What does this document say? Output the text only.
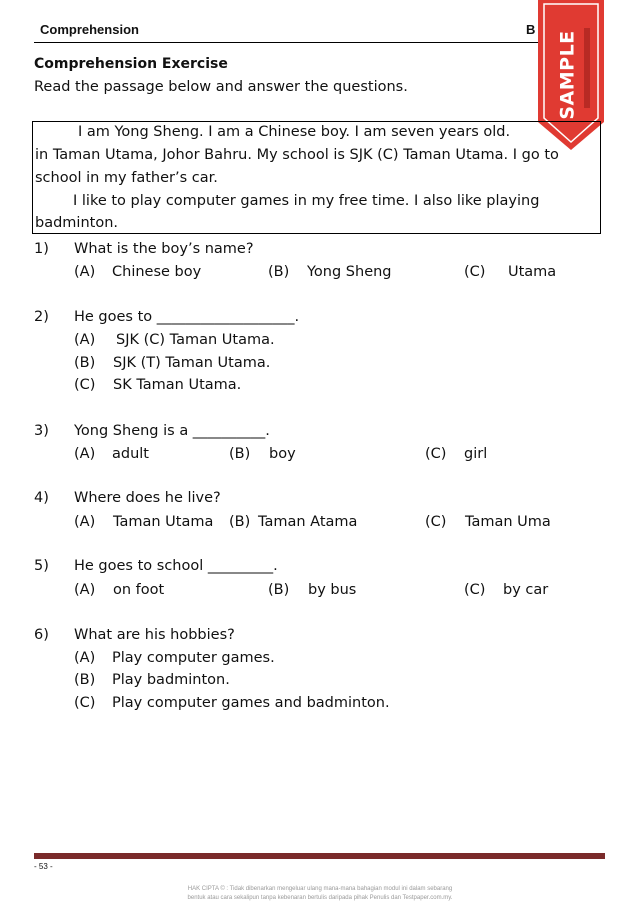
Comprehension	B
SAMPLE
Comprehension Exercise
Read the passage below and answer the questions.
I am Yong Sheng. I am a Chinese boy. I am seven years old.
in Taman Utama, Johor Bahru. My school is SJK (C) Taman Utama. I go to
school in my father’s car.
I like to play computer games in my free time. I also like playing
badminton.
1) What is the boy’s name?
(A) Chinese boy	(B) Yong Sheng	(C) Utama
2) He goes to ___________________.
(A) SJK (C) Taman Utama.
(B) SJK (T) Taman Utama.
(C) SK Taman Utama.
3) Yong Sheng is a __________.
(A) adult	(B) boy	(C) girl
4) Where does he live?
(A) Taman Utama (B) Taman Atama	(C) Taman Uma
5) He goes to school _________.
(A) on foot	(B) by bus	(C) by car
6) What are his hobbies?
(A) Play computer games.
(B) Play badminton.
(C) Play computer games and badminton.
- 53 -
HAK CIPTA © : Tidak dibenarkan mengeluar ulang mana-mana bahagian modul ini dalam sebarang
bentuk atau cara sekalipun tanpa kebenaran bertulis daripada pihak Penulis dan Testpaper.com.my.
